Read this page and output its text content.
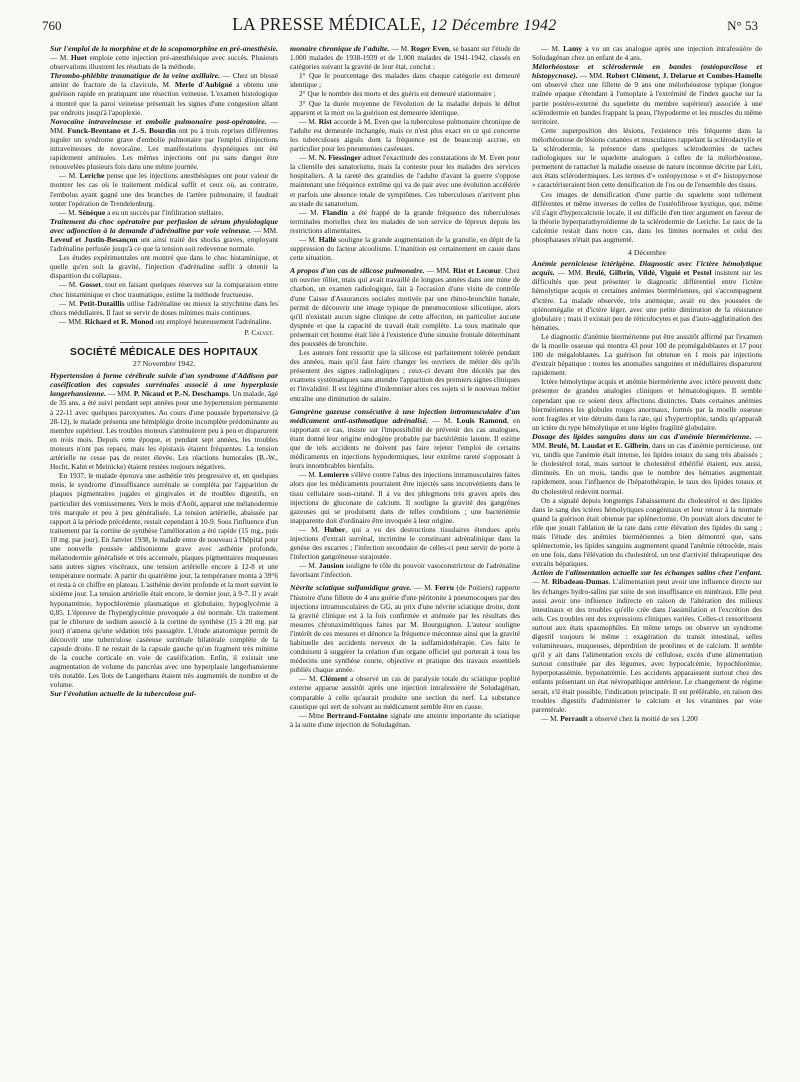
760	LA PRESSE MÉDICALE, 12 Décembre 1942	N° 53

Sur l'emploi de la morphine et de la scopomorphine en pré-anesthésie. — M. Huet emploie cette injection pré-anesthésique avec succès. Plusieurs observations illustrent les résultats de la méthode.

Thrombo-phlébite traumatique de la veine axillaire. — Chez un blessé atteint de fracture de la clavicule, M. Merle d'Aubigné a obtenu une guérison rapide en pratiquant une résection veineuse. L'examen histologique a montré que la paroi veineuse présentait les signes d'une congestion allant par endroits jusqu'à l'apoplexie.

Novocaïne intraveineuse et embolie pulmonaire post-opératoire. — MM. Funck-Brentano et J.-S. Bourdin ont pu à trois reprises différentes juguler un syndrome grave d'embolie pulmonaire par l'emploi d'injections intraveineuses de novocaïne. Les manifestations dyspnéiques ont été rapidement atténuées. Les mêmes injections ont pu sans danger être renouvelées plusieurs fois dans une même journée.

— M. Leriche pense que les injections anesthésiques ont pour valeur de montrer les cas où le traitement médical suffit et ceux où, au contraire, l'embolus ayant gagné une des branches de l'artère pulmonaire, il faudrait tenter l'opération de Trendelenburg.

— M. Sénèque a eu un succès par l'infiltration stellaire.

Traitement du choc opératoire par perfusion de sérum physiologique avec adjonction à la demande d'adrénaline par voie veineuse. — MM. Leveuf et Justin-Besançon ont ainsi traité des shocks graves, employant l'adrénaline perfusée jusqu'à ce que la tension soit redevenue normale.

Les études expérimentales ont montré que dans le choc histaminique, et quelle qu'en soit la gravité, l'injection d'adrénaline suffit à obtenir la disparition du collapsus.

— M. Gosset, tout en faisant quelques réserves sur la comparaison entre choc histaminique et choc traumatique, estime la méthode fructueuse.

— M. Petit-Dutaillis utilise l'adrénaline ou mieux la strychnine dans les chocs médullaires. Il faut se servir de doses minimes mais continues.

— MM. Richard et R. Monod ont employé heureusement l'adrénaline.

P. Calvet.

SOCIÉTÉ MÉDICALE DES HOPITAUX
27 Novembre 1942.

Hypertension à forme cérébrale suivie d'un syndrome d'Addison par caséification des capsules surrénales associé à une hyperplasie langerhansienne. — MM. P. Nicaud et P.-N. Deschamps. Un malade, âgé de 35 ans, a été suivi pendant sept années pour une hypertension permanente à 22-11 avec quelques paroxysmes. Au cours d'une poussée hypertensive (à 28-12), le malade présenta une hémiplégie droite incomplète prédominante au membre supérieur. Les troubles moteurs s'atténuèrent peu à peu et disparurent en trois mois. Depuis cette époque, et pendant sept années, les troubles moteurs n'ont pas reparu, mais les épistaxis étaient fréquentes. La tension artérielle ne cesse pas de rester élevée. Les réactions humorales (B.-W., Hecht, Kahn et Meinicke) étaient restées toujours négatives.

En 1937, le malade éprouva une asthénie très progressive et, en quelques mois, le syndrome d'insuffisance surrénale se compléta par l'apparition de plaques pigmentaires jugales et gingivales et de troubles digestifs, en particulier des vomissements. Vers le mois d'Août, apparut une mélanodermie très marquée et peu à peu généralisée. La tension artérielle, abaissée par rapport à la période précédente, restait cependant à 10-9. Sous l'influence d'un traitement par la cortine de synthèse l'amélioration a été rapide (15 mg., puis 10 mg. par jour). En Janvier 1938, le malade entre de nouveau à l'hôpital pour une nouvelle poussée addisonienne grave avec asthénie profonde, mélanodermie généralisée et très accentuée, plaques pigmentaires muqueuses sans autres signes viscéraux, une tension artérielle encore à 12-8 et une température normale. A partir du quatrième jour, la température monta à 39°6 et resta à ce chiffre en plateau. L'asthénie devint profonde et la mort survint le sixième jour. La tension artérielle était encore, le dernier jour, à 9-7. Il y avait hyponatrémie, hypochlorémie plasmatique et globulaire, hypoglycémie à 0,85. L'épreuve de l'hyperglycémie provoquée a été normale. Un traitement par le chlorure de sodium associé à la cortine de synthèse (15 à 20 mg. par jour) n'amena qu'une sédation très passagère. L'étude anatomique permit de découvrir une tuberculose caséeuse surrénale bilatérale complète de la capsule droite. Il ne restait de la capsule gauche qu'un fragment très minime de la couche corticale en voie de caséification. Enfin, il existait une augmentation de volume du pancréas avec une hyperplasie langerhansienne très notable. Les îlots de Langerhans étaient très augmentés de nombre et de volume.

Sur l'évolution actuelle de la tuberculose pul-

monaire chronique de l'adulte. — M. Roger Even, se basant sur l'étude de 1.000 malades de 1938-1939 et de 1.000 malades de 1941-1942, classés en catégories suivant la gravité de leur état, conclut :

1° Que le pourcentage des malades dans chaque catégorie est demeuré identique ;

2° Que le nombre des morts et des guéris est demeuré stationnaire ;

3° Que la durée moyenne de l'évolution de la maladie depuis le début apparent et la mort ou la guérison est demeurée identique.

— M. Rist accorde à M. Even que la tuberculose pulmonaire chronique de l'adulte est demeurée inchangée, mais ce n'est plus exact en ce qui concerne les tuberculoses aiguës dont la fréquence est de beaucoup accrue, en particulier pour les pneumonies caséeuses.

— M. N. Fiessinger admet l'exactitude des constatations de M. Even pour la clientèle des sanatoriums, mais la conteste pour les malades des services hospitaliers. A la rareté des granulies de l'adulte d'avant la guerre s'oppose maintenant une fréquence extrême qui va de pair avec une évolution accélérée et parfois une absence totale de symptômes. Ces tuberculoses n'arrivent plus au stade du sanatorium.

— M. Flandin a été frappé de la grande fréquence des tuberculoses terminales mortelles chez les malades de son service de lépreux depuis les restrictions alimentaires.

— M. Hallé souligne la grande augmentation de la granulie, en dépit de la suppression du facteur alcoolisme. L'inanition est certainement en cause dans cette situation.

A propos d'un cas de silicose pulmonaire. — MM. Rist et Lecœur. Chez un ouvrier tôlier, mais qui avait travaillé de longues années dans une mine de charbon, un examen radiologique, fait à l'occasion d'une visite de contrôle d'une Caisse d'Assurances sociales motivée par une rhino-bronchite banale, permit de découvrir une image typique de pneumoconiose silicotique, alors qu'il n'existait aucun signe clinique de cette affection, en particulier aucune dyspnée et que la capacité de travail était complète. La toux matinale que présentait cet homme était liée à l'existence d'une sinusite frontale déterminant des poussées de bronchite.

Les auteurs font ressortir que la silicose est parfaitement tolérée pendant des années, mais qu'il faut faire changer les ouvriers de métier dès qu'ils présentent des signes radiologiques ; ceux-ci devant être décelés par des examens systématiques sans attendre l'apparition des premiers signes cliniques et l'invalidité. Il est légitime d'indemniser alors ces sujets si le nouveau métier entraîne une diminution de salaire.

Gangrène gazeuse consécutive à une injection intramusculaire d'un médicament anti-asthmatique adrénalisé. — M. Louis Ramond, en rapportant ce cas, insiste sur l'impossibilité de prévenir des cas analogues, étant donné leur origine endogène probable par bactériémie latente. Il estime que de tels accidents ne doivent pas faire rejeter l'emploi de certains médicaments en injections hypodermiques, leur extrême rareté s'opposant à leurs innombrables bienfaits.

— M. Lemierre s'élève contre l'abus des injections intramusculaires faites alors que les médicaments pourraient être injectés sans inconvénients dans le tissu cellulaire sous-cutané. Il a vu des phlegmons très graves après des injections de gluconate de calcium. Il souligne la gravité des gangrènes gazeuses qui se produisent dans de telles conditions ; une bactériémie inapparente doit d'ordinaire être invoquée à leur origine.

— M. Huber, qui a vu des destructions tissulaires étendues après injections d'extrait surrénal, incrimine le constituant adrénalinique dans la genèse des escarres ; l'infection secondaire de celles-ci peut servir de porte à l'infection gangréneuse surajoutée.

— M. Jausion souligne le rôle du pouvoir vasoconstricteur de l'adrénaline favorisant l'infection.

Névrite sciatique sulfamidique grave. — M. Ferru (de Poitiers) rapporte l'histoire d'une fillette de 4 ans guérie d'une péritonite à pneumocoques par des injections intramusculaires de GG, au prix d'une névrite sciatique droite, dont la gravité clinique est à la fois confirmée et atténuée par les résultats des mesures chronaximétriques faites par M. Bourguignon. L'auteur souligne l'intérêt de ces mesures et dénonce la fréquence méconnue ainsi que la gravité habituelle des accidents nerveux de la sulfamidothérapie. Ces faits le conduisent à suggérer la création d'un organe officiel qui porterait à tous les médecins une synthèse courte, objective et pratique des travaux essentiels publiés chaque année.

— M. Clément a observé un cas de paralysie totale du sciatique poplité externe apparue aussitôt après une injection intrafessière de Soludagénan, comparable à celle qu'aurait produite une section du nerf. La substance caustique qui sert de solvant au médicament semble être en cause.

— Mme Bertrand-Fontaine signale une atteinte importante du sciatique à la suite d'une injection de Soludagénan.

— M. Lamy a vu un cas analogue après une injection intrafessière de Soludagénan chez un enfant de 4 ans.

Mélorhéostose et sclérodermie en bandes (ostéopœcilose et histopycnose). — MM. Robert Clément, J. Delarue et Combes-Hamelle ont observé chez une fillette de 9 ans une mélorhéostose typique (longue traînée opaque s'étendant à l'omoplate à l'extrémité de l'index gauche sur la partie postéro-externe du squelette du membre supérieur) associée à une sclérodermie en bandes frappant la peau, l'hypoderme et les muscles du même territoire.

Cette superposition des lésions, l'existence très fréquente dans la mélorhéostose de lésions cutanées et musculaires rappelant la sclérodactylie et la sclérodermie, la présence dans quelques sclérodermies de taches radiologiques sur le squelette analogues à celles de la mélorhéostose, permettent de rattacher la maladie osseuse de nature inconnue décrite par Léri, aux états sclérodermiques. Les termes d'« ostéopycnose » et d'« histopycnose » caractériseraient bien cette densification de l'os ou de l'ensemble des tissus.

Ces images de densification d'une partie du squelette sont tellement différentes et même inverses de celles de l'ostéofibrose kystique, que, même s'il s'agit d'hypercalcistie locale, il est difficile d'en tirer argument en faveur de la théorie hyperparathyroïdienne de la sclérodermie de Leriche. Le taux de la calcémie restait dans notre cas, dans les limites normales et celui des phosphatases n'était pas augmenté.

4 Décembre

Anémie pernicieuse ictérigène. Diagnostic avec l'ictère hémolytique acquis. — MM. Brulé, Gilbrin, Vildé, Viguié et Pestel insistent sur les difficultés que peut présenter le diagnostic différentiel entre l'ictère hémolytique acquis et certaines anémies biermériennes, qui s'accompagnent d'ictère. La malade observée, très anémique, avait eu des poussées de splénomégalie et d'ictère léger, avec une petite diminution de la résistance globulaire ; mais il existait peu de réticulocytes et pas d'auto-agglutination des hématies.

Le diagnostic d'anémie biermérienne put être aussitôt affirmé par l'examen de la moelle osseuse qui montra 43 pour 100 de promégaloblastes et 17 pour 100 de mégaloblastes. La guérison fut obtenue en 1 mois par injections d'extrait hépatique : toutes les anomalies sanguines et médullaires disparurent rapidement.

Ictère hémolytique acquis et anémie biermérienne avec ictère peuvent donc présenter de grandes analogies cliniques et hématologiques. Il semble cependant que ce soient deux affections distinctes. Dans certaines anémies biermériennes les globules rouges anormaux, formés par la moelle osseuse sont fragiles et vite détruits dans la rate, qui s'hypertrophie, tandis qu'apparaît un ictère du type hémolytique et une légère fragilité globulaire.

Dosage des lipides sanguins dans un cas d'anémie biermérienne. — MM. Brulé, M. Laudat et E. Gilbrin, dans un cas d'anémie pernicieuse, ont vu, tandis que l'anémie était intense, les lipides totaux du sang très abaissés ; le cholestérol total, mais surtout le cholestérol éthérifié étaient, eux aussi, diminués. En un mois, tandis que le nombre des hématies augmentait rapidement, sous l'influence de l'hépatothérapie, le taux des lipides totaux et du cholestérol redevint normal.

On a signalé depuis longtemps l'abaissement du cholestérol et des lipides dans le sang des ictères hémolytiques congénitaux et leur retour à la normale quand la guérison était obtenue par splénectomie. On pouvait alors discuter le rôle que jouait l'ablation de la rate dans cette élévation des lipides du sang ; mais l'étude des anémies biermériennes a bien démontré que, sans splénectomie, les lipides sanguins augmentent quand l'anémie rétrocède, mais en une fois, dans l'élévation du cholestérol, un test d'activité thérapeutique des extraits hépatiques.

Action de l'alimentation actuelle sur les échanges salins chez l'enfant. — M. Ribadeau-Dumas. L'alimentation peut avoir une influence directe sur les échanges hydro-salins par suite de son insuffisance en minéraux. Elle peut aussi avoir une influence indirecte en raison de l'altération des milieux intestinaux et des troubles qu'elle crée dans l'assimilation et l'excrétion des sels. Ces troubles ont des expressions cliniques variées. Celles-ci ressortissent surtout aux états spasmophiles. En même temps on observe un syndrome digestif toujours le même : exagération du transit intestinal, selles volumineuses, muqueuses, déperdition de protéines et de calcium. Il semble qu'il y ait dans l'alimentation excès de cellulose, excès d'une alimentation surtout constituée par des légumes, avec hypocalcémie, hypochlorémie, hyperpotassémie, hyponatrémie. Les accidents apparaissent surtout chez des enfants présentant un état névropathique antérieur. Le changement de régime serait, s'il était possible, l'indication principale. Il est préférable, en raison des troubles digestifs d'administrer le calcium et les vitamines par voie parentérale.

— M. Perrault a observé chez la moitié de ses 1.200
